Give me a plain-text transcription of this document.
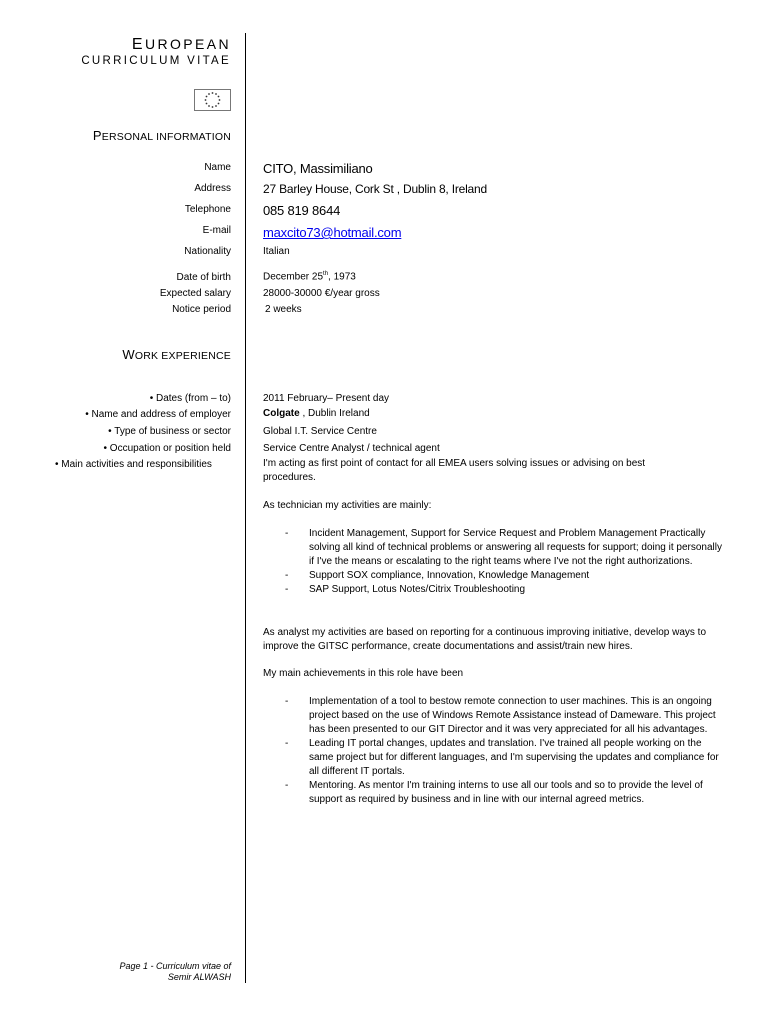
EUROPEAN
CURRICULUM VITAE
PERSONAL INFORMATION
Name CITO, Massimiliano
Address	27 Barley House, Cork St , Dublin 8, Ireland
Telephone 085 819 8644
E-mail maxcito73@hotmail.com
Nationality	Italian
Date of birth	December 25th, 1973
Expected salary	28000-30000 €/year gross
Notice period	2 weeks
WORK EXPERIENCE
• Dates (from – to)	2011 February– Present day
• Name and address of employer	Colgate , Dublin Ireland
• Type of business or sector	Global I.T. Service Centre
• Occupation or position held	Service Centre Analyst / technical agent
• Main activities and responsibilities	I'm acting as first point of contact for all EMEA users solving issues or advising on best procedures.
As technician my activities are mainly:
- Incident Management, Support for Service Request and Problem Management Practically solving all kind of technical problems or answering all requests for support; doing it personally if I've the means or escalating to the right teams where I've not the right authorizations.
- Support SOX compliance, Innovation, Knowledge Management
- SAP Support, Lotus Notes/Citrix Troubleshooting
As analyst my activities are based on reporting for a continuous improving initiative, develop ways to improve the GITSC performance, create documentations and assist/train new hires.
My main achievements in this role have been
- Implementation of a tool to bestow remote connection to user machines. This is an ongoing project based on the use of Windows Remote Assistance instead of Dameware. This project has been presented to our GIT Director and it was very appreciated for all his advantages.
- Leading IT portal changes, updates and translation. I've trained all people working on the same project but for different languages, and I'm supervising the updates and compliance for all different IT portals.
- Mentoring. As mentor I'm training interns to use all our tools and so to provide the level of support as required by business and in line with our internal agreed metrics.
Page 1 - Curriculum vitae of
Semir ALWASH
